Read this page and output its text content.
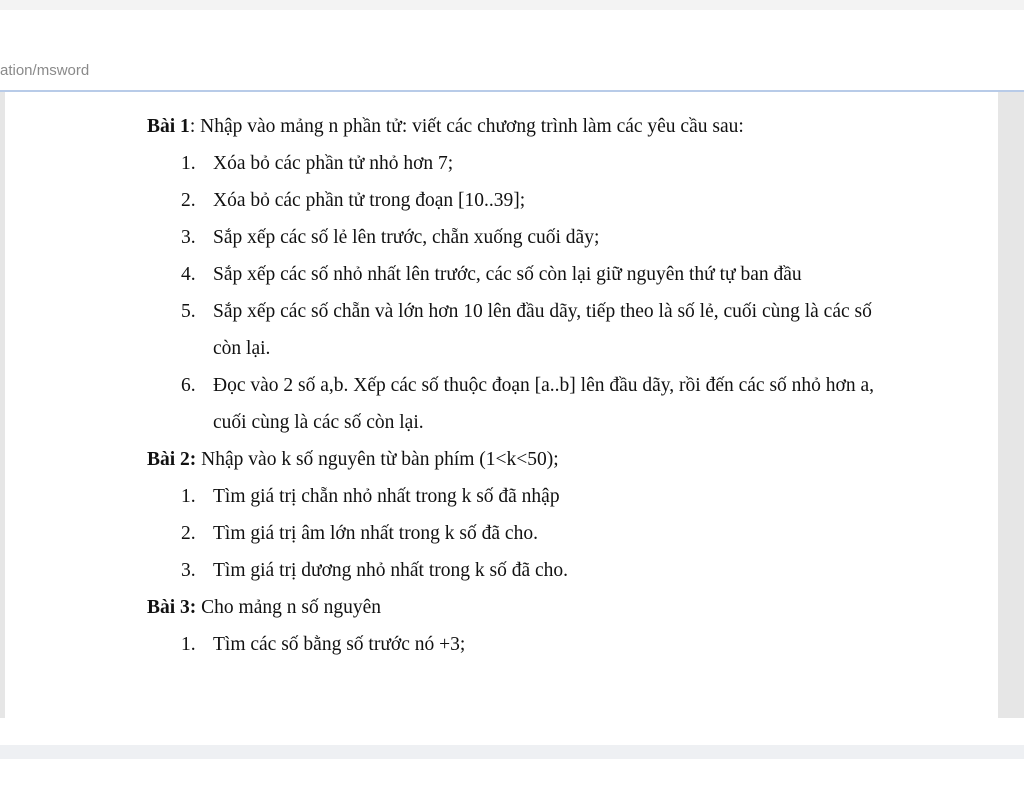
ation/msword
Bài 1: Nhập vào mảng n phần tử: viết các chương trình làm các yêu cầu sau:
1. Xóa bỏ các phần tử nhỏ hơn 7;
2. Xóa bỏ các phần tử trong đoạn [10..39];
3. Sắp xếp các số lẻ lên trước, chẵn xuống cuối dãy;
4. Sắp xếp các số nhỏ nhất lên trước, các số còn lại giữ nguyên thứ tự ban đầu
5. Sắp xếp các số chẵn và lớn hơn 10 lên đầu dãy, tiếp theo là số lẻ, cuối cùng là các số còn lại.
6. Đọc vào 2 số a,b. Xếp các số thuộc đoạn [a..b] lên đầu dãy, rồi đến các số nhỏ hơn a, cuối cùng là các số còn lại.
Bài 2: Nhập vào k số nguyên từ bàn phím (1<k<50);
1. Tìm giá trị chẵn nhỏ nhất trong k số đã nhập
2. Tìm giá trị âm lớn nhất trong k số đã cho.
3. Tìm giá trị dương nhỏ nhất trong k số đã cho.
Bài 3: Cho mảng n số nguyên
1. Tìm các số bằng số trước nó +3;
